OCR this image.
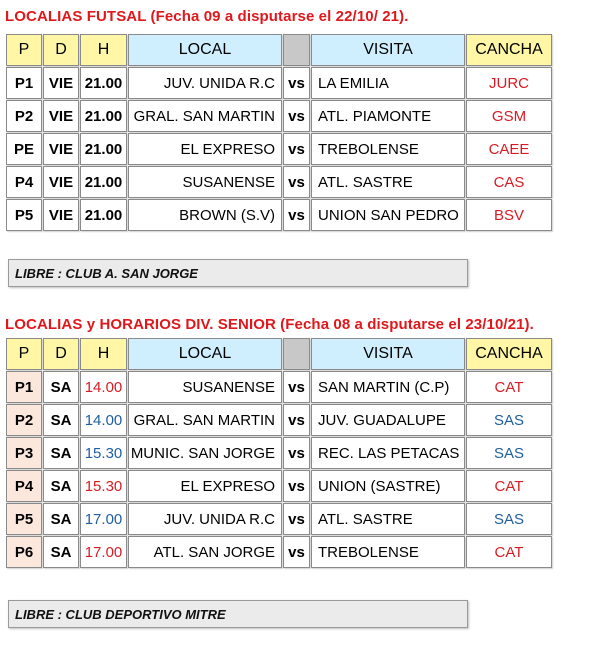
LOCALIAS FUTSAL (Fecha 09 a disputarse el 22/10/ 21).
P	D	H	LOCAL		VISITA	CANCHA
P1	VIE	21.00	JUV. UNIDA R.C	vs	LA EMILIA	JURC
P2	VIE	21.00	GRAL. SAN MARTIN	vs	ATL. PIAMONTE	GSM
PE	VIE	21.00	EL EXPRESO	vs	TREBOLENSE	CAEE
P4	VIE	21.00	SUSANENSE	vs	ATL. SASTRE	CAS
P5	VIE	21.00	BROWN (S.V)	vs	UNION SAN PEDRO	BSV
LIBRE : CLUB A. SAN JORGE
LOCALIAS y HORARIOS DIV. SENIOR (Fecha 08 a disputarse el 23/10/21).
P	D	H	LOCAL		VISITA	CANCHA
P1	SA	14.00	SUSANENSE	vs	SAN MARTIN (C.P)	CAT
P2	SA	14.00	GRAL. SAN MARTIN	vs	JUV. GUADALUPE	SAS
P3	SA	15.30	MUNIC. SAN JORGE	vs	REC. LAS PETACAS	SAS
P4	SA	15.30	EL EXPRESO	vs	UNION (SASTRE)	CAT
P5	SA	17.00	JUV. UNIDA R.C	vs	ATL. SASTRE	SAS
P6	SA	17.00	ATL. SAN JORGE	vs	TREBOLENSE	CAT
LIBRE : CLUB DEPORTIVO MITRE
